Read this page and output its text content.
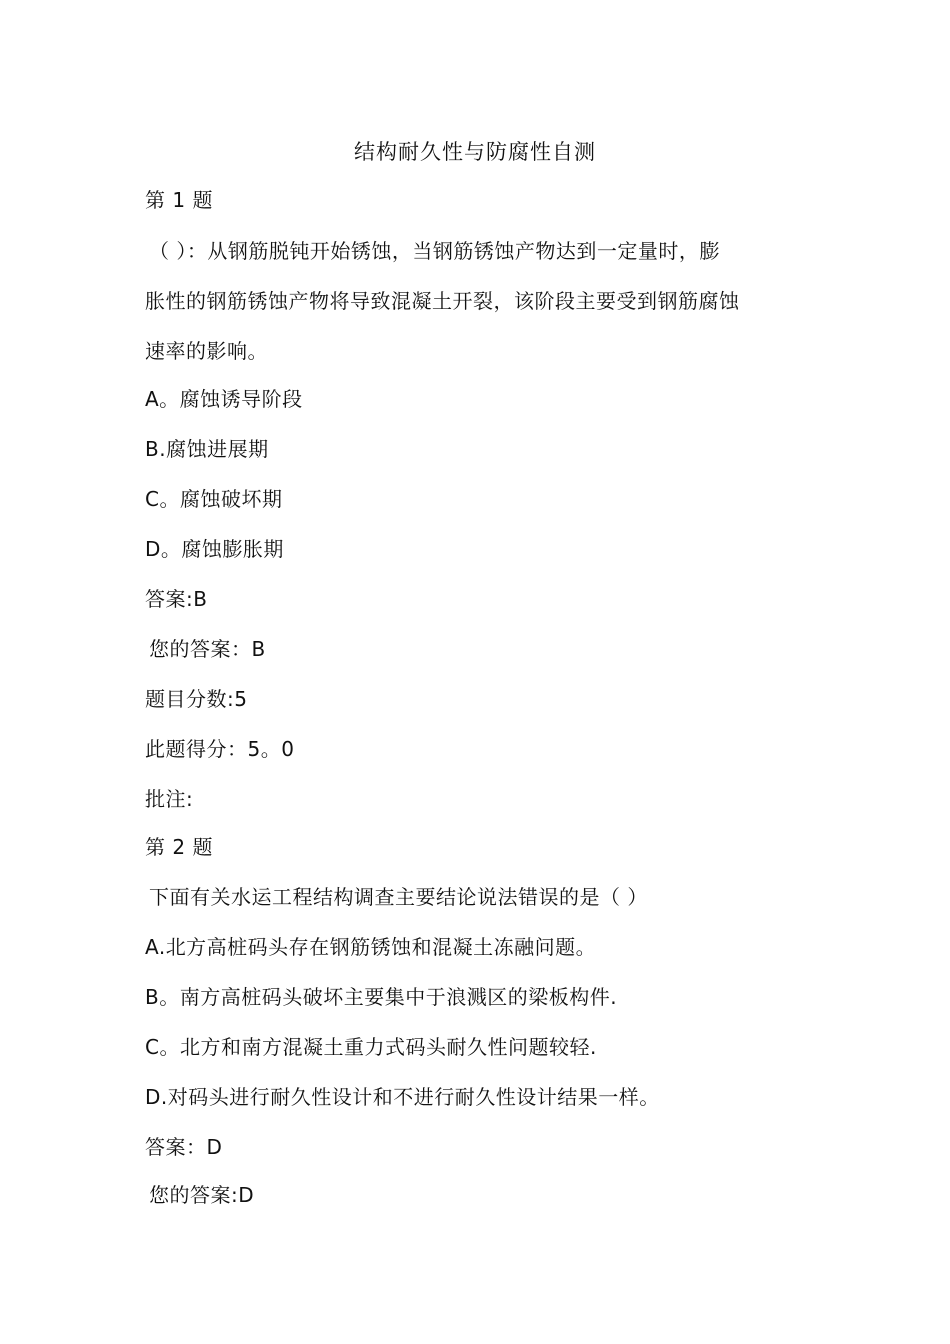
结构耐久性与防腐性自测
第 1 题
（ ）：从钢筋脱钝开始锈蚀，当钢筋锈蚀产物达到一定量时，膨
胀性的钢筋锈蚀产物将导致混凝土开裂，该阶段主要受到钢筋腐蚀
速率的影响。
A。腐蚀诱导阶段
B.腐蚀进展期
C。腐蚀破坏期
D。腐蚀膨胀期
答案:B
您的答案：B
题目分数:5
此题得分：5。0
批注:
第 2 题
下面有关水运工程结构调查主要结论说法错误的是（ ）
A.北方高桩码头存在钢筋锈蚀和混凝土冻融问题。
B。南方高桩码头破坏主要集中于浪溅区的梁板构件.
C。北方和南方混凝土重力式码头耐久性问题较轻.
D.对码头进行耐久性设计和不进行耐久性设计结果一样。
答案：D
您的答案:D
